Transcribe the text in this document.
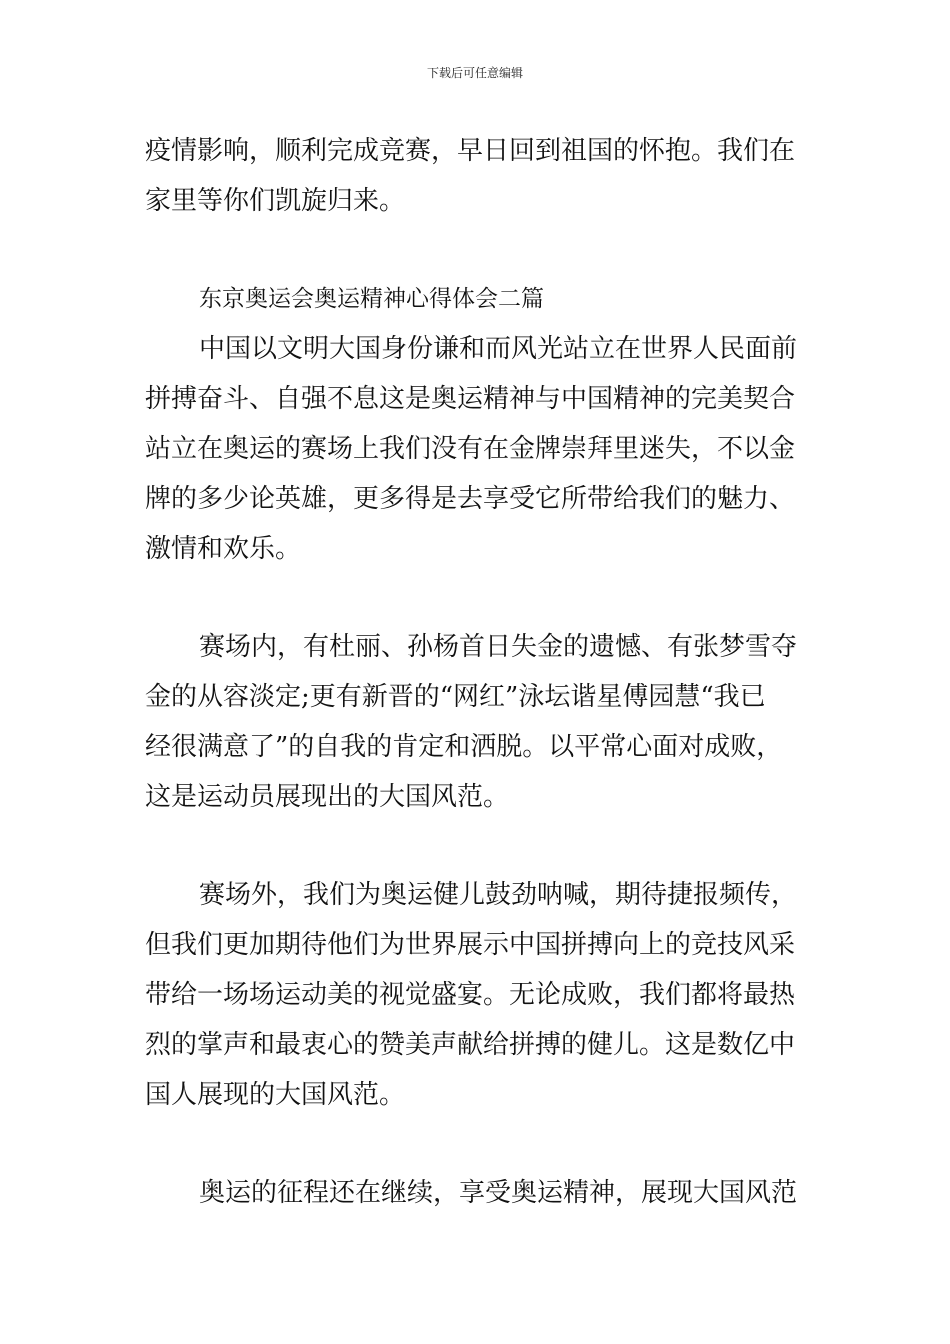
下载后可任意编辑
疫情影响，顺利完成竞赛，早日回到祖国的怀抱。我们在
家里等你们凯旋归来。
东京奥运会奥运精神心得体会二篇
中国以文明大国身份谦和而风光站立在世界人民面前
拼搏奋斗、自强不息这是奥运精神与中国精神的完美契合
站立在奥运的赛场上我们没有在金牌崇拜里迷失，不以金
牌的多少论英雄，更多得是去享受它所带给我们的魅力、
激情和欢乐。
赛场内，有杜丽、孙杨首日失金的遗憾、有张梦雪夺
金的从容淡定;更有新晋的“网红”泳坛谐星傅园慧“我已
经很满意了”的自我的肯定和洒脱。以平常心面对成败，
这是运动员展现出的大国风范。
赛场外，我们为奥运健儿鼓劲呐喊，期待捷报频传，
但我们更加期待他们为世界展示中国拼搏向上的竞技风采
带给一场场运动美的视觉盛宴。无论成败，我们都将最热
烈的掌声和最衷心的赞美声献给拼搏的健儿。这是数亿中
国人展现的大国风范。
奥运的征程还在继续，享受奥运精神，展现大国风范
